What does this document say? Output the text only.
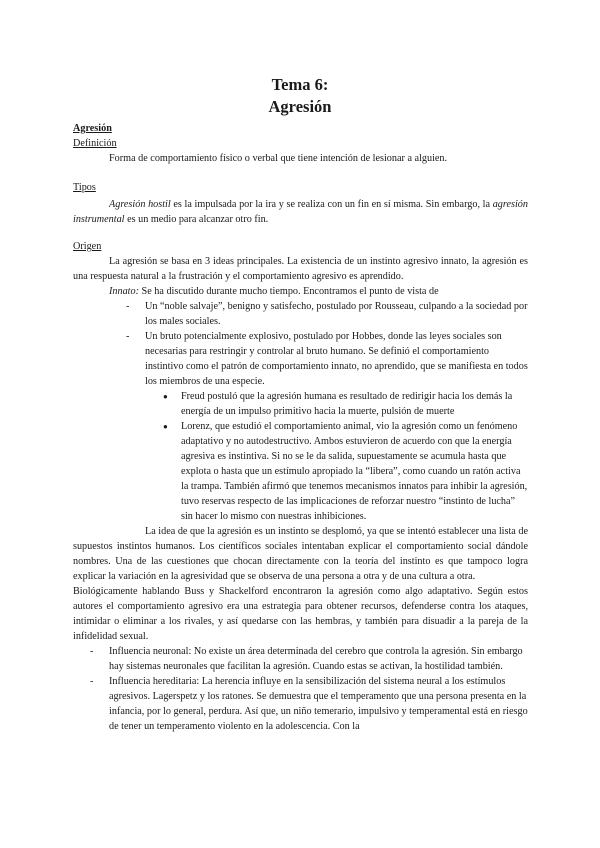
Tema 6:
Agresión
Agresión
Definición

Forma de comportamiento físico o verbal que tiene intención de lesionar a alguien.

Tipos

Agresión hostil es la impulsada por la ira y se realiza con un fin en sí misma. Sin embargo, la agresión instrumental es un medio para alcanzar otro fin.

Origen

La agresión se basa en 3 ideas principales. La existencia de un instinto agresivo innato, la agresión es una respuesta natural a la frustración y el comportamiento agresivo es aprendido.

Innato: Se ha discutido durante mucho tiempo. Encontramos el punto de vista de

- Un “noble salvaje”, benigno y satisfecho, postulado por Rousseau, culpando a la sociedad por los males sociales.
- Un bruto potencialmente explosivo, postulado por Hobbes, donde las leyes sociales son necesarias para restringir y controlar al bruto humano. Se definió el comportamiento instintivo como el patrón de comportamiento innato, no aprendido, que se manifiesta en todos los miembros de una especie.
● Freud postuló que la agresión humana es resultado de redirigir hacia los demás la energía de un impulso primitivo hacia la muerte, pulsión de muerte
● Lorenz, que estudió el comportamiento animal, vio la agresión como un fenómeno adaptativo y no autodestructivo. Ambos estuvieron de acuerdo con que la energía agresiva es instintiva. Si no se le da salida, supuestamente se acumula hasta que explota o hasta que un estímulo apropiado la “libera”, como cuando un ratón activa la trampa. También afirmó que tenemos mecanismos innatos para inhibir la agresión, tuvo reservas respecto de las implicaciones de reforzar nuestro “instinto de lucha” sin hacer lo mismo con nuestras inhibiciones.

La idea de que la agresión es un instinto se desplomó, ya que se intentó establecer una lista de supuestos instintos humanos. Los científicos sociales intentaban explicar el comportamiento social dándole nombres. Una de las cuestiones que chocan directamente con la teoría del instinto es que tampoco logra explicar la variación en la agresividad que se observa de una persona a otra y de una cultura a otra.

Biológicamente hablando Buss y Shackelford encontraron la agresión como algo adaptativo. Según estos autores el comportamiento agresivo era una estrategia para obtener recursos, defenderse contra los ataques, intimidar o eliminar a los rivales, y así quedarse con las hembras, y también para disuadir a la pareja de la infidelidad sexual.

- Influencia neuronal: No existe un área determinada del cerebro que controla la agresión. Sin embargo hay sistemas neuronales que facilitan la agresión. Cuando estas se activan, la hostilidad también.
- Influencia hereditaria: La herencia influye en la sensibilización del sistema neural a los estímulos agresivos. Lagerspetz y los ratones. Se demuestra que el temperamento que una persona presenta en la infancia, por lo general, perdura. Así que, un niño temerario, impulsivo y temperamental está en riesgo de tener un temperamento violento en la adolescencia. Con la
